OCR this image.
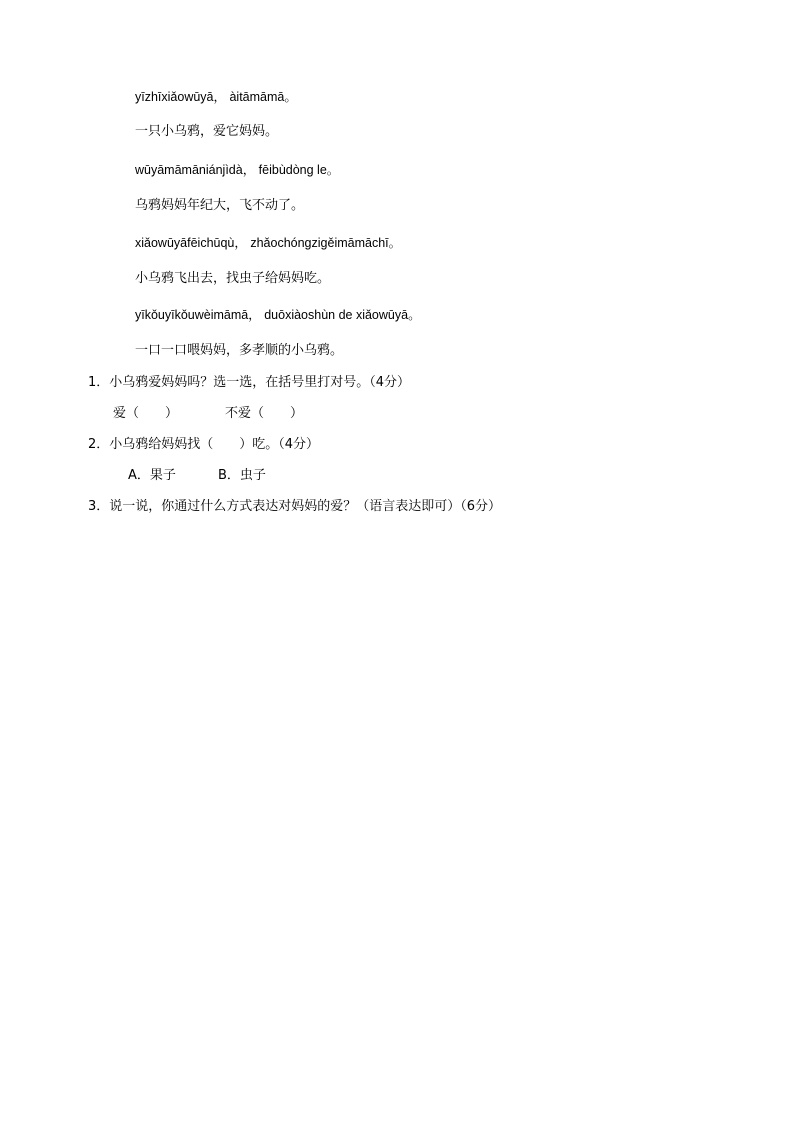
yīzhīxiǎowūyā， àitāmāmā。
一只小乌鸦，爱它妈妈。
wūyāmāmāniánjìdà， fēibùdòng le。
乌鸦妈妈年纪大，飞不动了。
xiǎowūyāfēichūqù， zhǎochóngzigěimāmāchī。
小乌鸦飞出去，找虫子给妈妈吃。
yīkǒuyīkǒuwèimāmā， duōxiàoshùn de xiǎowūyā。
一口一口喂妈妈，多孝顺的小乌鸦。
1．小乌鸦爱妈妈吗？选一选，在括号里打对号。（4分）
爱（　　）	不爱（　　）
2．小乌鸦给妈妈找（　　）吃。（4分）
A．果子	B．虫子
3．说一说，你通过什么方式表达对妈妈的爱？（语言表达即可）（6分）
